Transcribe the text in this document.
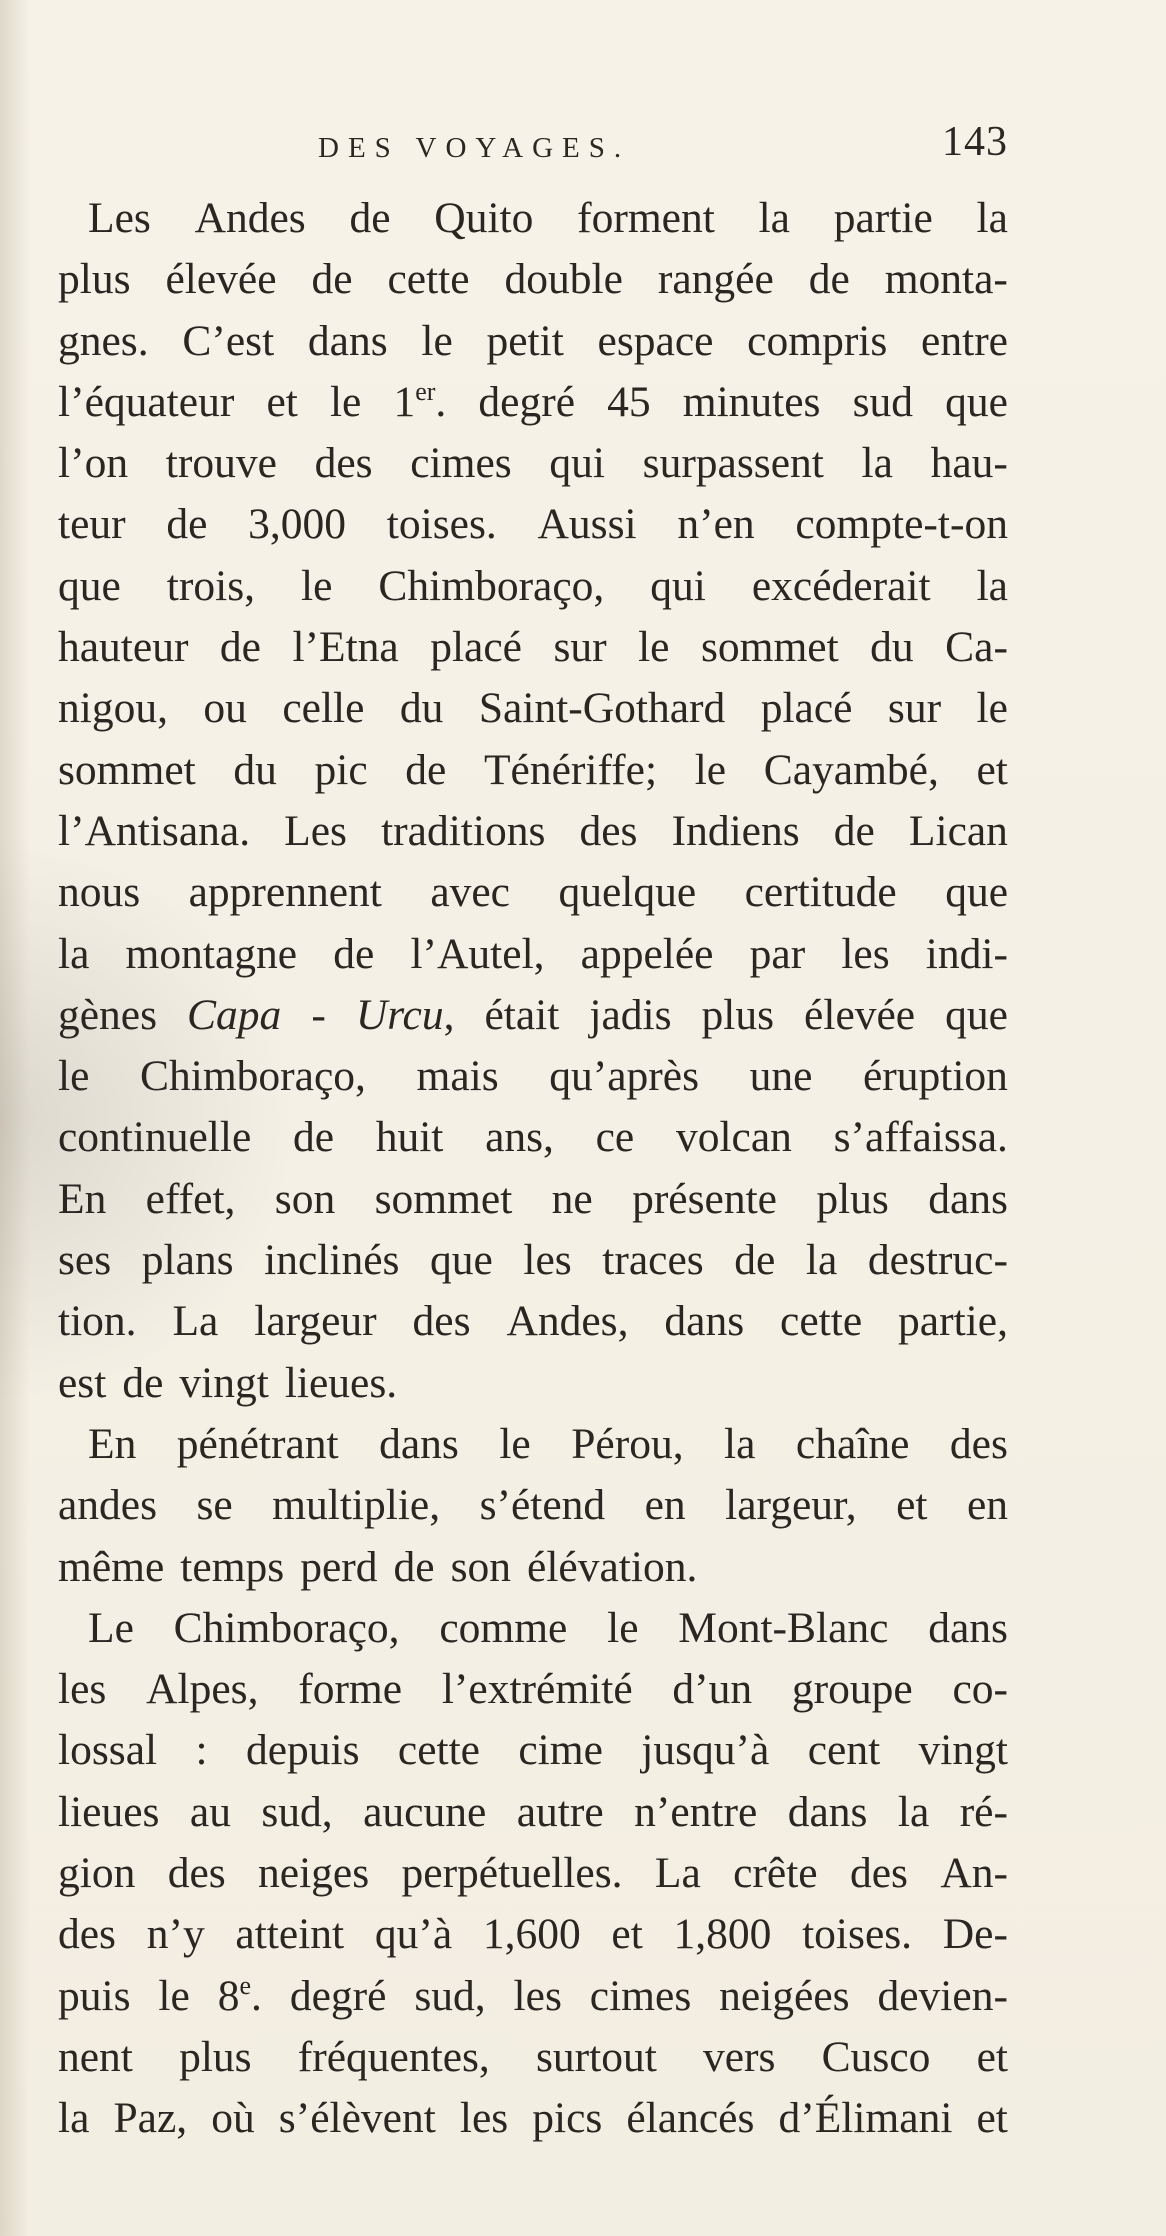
DES VOYAGES.	143
Les Andes de Quito forment la partie la
plus élevée de cette double rangée de monta-
gnes. C’est dans le petit espace compris entre
l’équateur et le 1er. degré 45 minutes sud que
l’on trouve des cimes qui surpassent la hau-
teur de 3,000 toises. Aussi n’en compte-t-on
que trois, le Chimboraço, qui excéderait la
hauteur de l’Etna placé sur le sommet du Ca-
nigou, ou celle du Saint-Gothard placé sur le
sommet du pic de Ténériffe; le Cayambé, et
l’Antisana. Les traditions des Indiens de Lican
nous apprennent avec quelque certitude que
la montagne de l’Autel, appelée par les indi-
gènes Capa - Urcu, était jadis plus élevée que
le Chimboraço, mais qu’après une éruption
continuelle de huit ans, ce volcan s’affaissa.
En effet, son sommet ne présente plus dans
ses plans inclinés que les traces de la destruc-
tion. La largeur des Andes, dans cette partie,
est de vingt lieues.
En pénétrant dans le Pérou, la chaîne des
andes se multiplie, s’étend en largeur, et en
même temps perd de son élévation.
Le Chimboraço, comme le Mont-Blanc dans
les Alpes, forme l’extrémité d’un groupe co-
lossal : depuis cette cime jusqu’à cent vingt
lieues au sud, aucune autre n’entre dans la ré-
gion des neiges perpétuelles. La crête des An-
des n’y atteint qu’à 1,600 et 1,800 toises. De-
puis le 8e. degré sud, les cimes neigées devien-
nent plus fréquentes, surtout vers Cusco et
la Paz, où s’élèvent les pics élancés d’Élimani et
